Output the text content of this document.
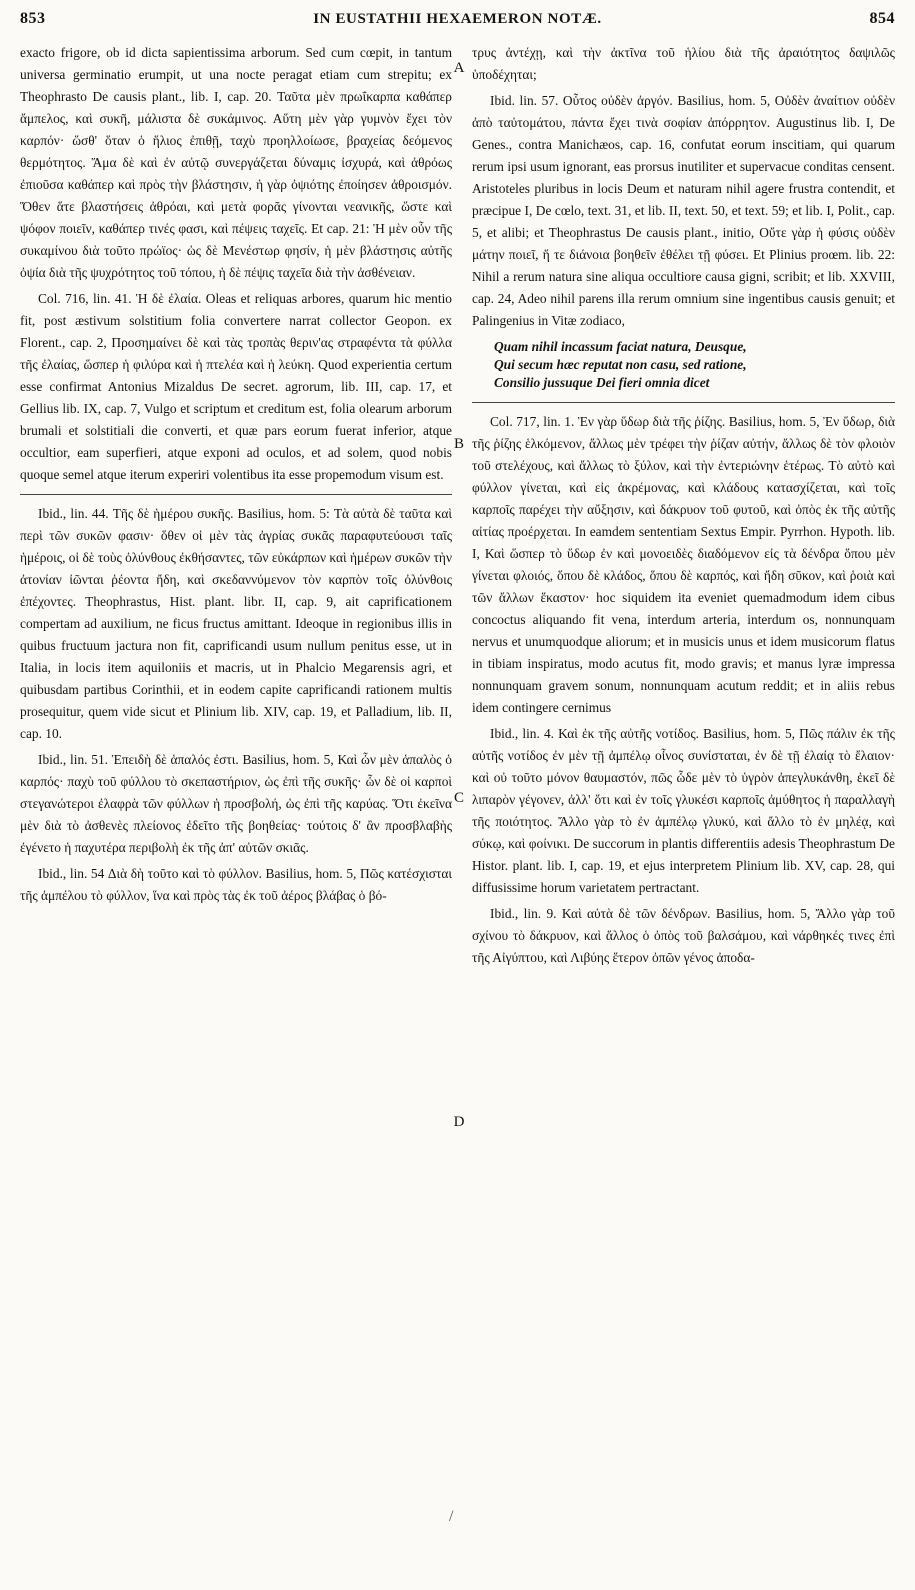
853	IN EUSTATHII HEXAEMERON NOTÆ.	854

exacto frigore, ob id dicta sapientissima arborum. Sed cum cœpit, in tantum universa germinatio erumpit, ut una nocte peragat etiam cum strepitu; ex Theophrasto De causis plant., lib. I, cap. 20. Ταῦτα μὲν πρωΐκαρπα καθάπερ ἄμπελος, καὶ συκῆ, μάλιστα δὲ συκάμινος. Αὕτη μὲν γὰρ γυμνὸν ἔχει τὸν καρπόν· ὥσθ' ὅταν ὁ ἥλιος ἐπιθῇ, ταχὺ προηλλοίωσε, βραχείας δεόμενος θερμότητος. Ἅμα δὲ καὶ ἐν αὐτῷ συνεργάζεται δύναμις ἰσχυρά, καὶ ἀθρόως ἐπιοῦσα καθάπερ καὶ πρὸς τὴν βλάστησιν, ἡ γὰρ ὀψιότης ἐποίησεν ἀθροισμόν. Ὅθεν ἅτε βλαστήσεις ἀθρόαι, καὶ μετὰ φορᾶς γίνονται νεανικῆς, ὥστε καὶ ψόφον ποιεῖν, καθάπερ τινές φασι, καὶ πέψεις ταχεῖς. Et cap. 21: Ἡ μὲν οὖν τῆς συκαμίνου διὰ τοῦτο πρώϊος· ὡς δὲ Μενέστωρ φησίν, ἡ μὲν βλάστησις αὐτῆς ὀψία διὰ τῆς ψυχρότητος τοῦ τόπου, ἡ δὲ πέψις ταχεῖα διὰ τὴν ἀσθένειαν.

Col. 716, lin. 41. Ἡ δὲ ἐλαία. Oleas et reliquas arbores, quarum hic mentio fit, post æstivum solstitium folia convertere narrat collector Geopon. ex Florent., cap. 2, Προσημαίνει δὲ καὶ τὰς τροπὰς θεριν'ας στραφέντα τὰ φύλλα τῆς ἐλαίας, ὥσπερ ἡ φιλύρα καὶ ἡ πτελέα καὶ ἡ λεύκη. Quod experientia certum esse confirmat Antonius Mizaldus De secret. agrorum, lib. III, cap. 17, et Gellius lib. IX, cap. 7, Vulgo et scriptum et creditum est, folia olearum arborum brumali et solstitiali die converti, et quæ pars eorum fuerat inferior, atque occultior, eam superfieri, atque exponi ad oculos, et ad solem, quod nobis quoque semel atque iterum experiri volentibus ita esse propemodum visum est.

Ibid., lin. 44. Τῆς δὲ ἡμέρου συκῆς. Basilius, hom. 5: Τὰ αὐτὰ δὲ ταῦτα καὶ περὶ τῶν συκῶν φασιν· ὅθεν οἱ μὲν τὰς ἀγρίας συκᾶς παραφυτεύουσι ταῖς ἡμέροις, οἱ δὲ τοὺς ὀλύνθους ἐκθήσαντες, τῶν εὐκάρπων καὶ ἡμέρων συκῶν τὴν ἀτονίαν ἰῶνται ῥέοντα ἤδη, καὶ σκεδαννύμενον τὸν καρπὸν τοῖς ὀλύνθοις ἐπέχοντες. Theophrastus, Hist. plant. libr. II, cap. 9, ait caprificationem compertam ad auxilium, ne ficus fructus amittant. Ideoque in regionibus illis in quibus fructuum jactura non fit, caprificandi usum nullum penitus esse, ut in Italia, in locis item aquiloniis et macris, ut in Phalcio Megarensis agri, et quibusdam partibus Corinthii, et in eodem capite caprificandi rationem multis prosequitur, quem vide sicut et Plinium lib. XIV, cap. 19, et Palladium, lib. II, cap. 10.

Ibid., lin. 51. Ἐπειδὴ δὲ ἁπαλός ἐστι. Basilius, hom. 5, Καὶ ὧν μὲν ἁπαλὸς ὁ καρπός· παχὺ τοῦ φύλλου τὸ σκεπαστήριον, ὡς ἐπὶ τῆς συκῆς· ὧν δὲ οἱ καρποὶ στεγανώτεροι ἐλαφρὰ τῶν φύλλων ἡ προσβολή, ὡς ἐπὶ τῆς καρύας. Ὅτι ἐκεῖνα μὲν διὰ τὸ ἀσθενὲς πλείονος ἐδεῖτο τῆς βοηθείας· τούτοις δ' ἂν προσβλαβὴς ἐγένετο ἡ παχυτέρα περιβολὴ ἐκ τῆς ἀπ' αὐτῶν σκιᾶς.

Ibid., lin. 54 Διὰ δὴ τοῦτο καὶ τὸ φύλλον. Basilius, hom. 5, Πῶς κατέσχισται τῆς ἀμπέλου τὸ φύλλον, ἵνα καὶ πρὸς τὰς ἐκ τοῦ ἀέρος βλάβας ὁ βό-

τρυς ἀντέχῃ, καὶ τὴν ἀκτῖνα τοῦ ἡλίου διὰ τῆς ἀραιότητος δαψιλῶς ὑποδέχηται;

Ibid. lin. 57. Οὗτος οὐδὲν ἀργόν. Basilius, hom. 5, Οὐδὲν ἀναίτιον οὐδὲν ἀπὸ ταὐτομάτου, πάντα ἔχει τινὰ σοφίαν ἀπόρρητον. Augustinus lib. I, De Genes., contra Manichæos, cap. 16, confutat eorum inscitiam, qui quarum rerum ipsi usum ignorant, eas prorsus inutiliter et supervacue conditas censent. Aristoteles pluribus in locis Deum et naturam nihil agere frustra contendit, et præcipue I, De cœlo, text. 31, et lib. II, text. 50, et text. 59; et lib. I, Polit., cap. 5, et alibi; et Theophrastus De causis plant., initio, Οὔτε γὰρ ἡ φύσις οὐδὲν μάτην ποιεῖ, ἥ τε διάνοια βοηθεῖν ἐθέλει τῇ φύσει. Et Plinius proœm. lib. 22: Nihil a rerum natura sine aliqua occultiore causa gigni, scribit; et lib. XXVIII, cap. 24, Adeo nihil parens illa rerum omnium sine ingentibus causis genuit; et Palingenius in Vitæ zodiaco,

Quam nihil incassum faciat natura, Deusque,
Qui secum hæc reputat non casu, sed ratione,
Consilio jussuque Dei fieri omnia dicet

Col. 717, lin. 1. Ἐν γὰρ ὕδωρ διὰ τῆς ῥίζης. Basilius, hom. 5, Ἐν ὕδωρ, διὰ τῆς ῥίζης ἑλκόμενον, ἄλλως μὲν τρέφει τὴν ῥίζαν αὐτήν, ἄλλως δὲ τὸν φλοιὸν τοῦ στελέχους, καὶ ἄλλως τὸ ξύλον, καὶ τὴν ἐντεριώνην ἑτέρως. Τὸ αὐτὸ καὶ φύλλον γίνεται, καὶ εἰς ἀκρέμονας, καὶ κλάδους κατασχίζεται, καὶ τοῖς καρποῖς παρέχει τὴν αὔξησιν, καὶ δάκρυον τοῦ φυτοῦ, καὶ ὀπὸς ἐκ τῆς αὐτῆς αἰτίας προέρχεται. In eamdem sententiam Sextus Empir. Pyrrhon. Hypoth. lib. I, Καὶ ὥσπερ τὸ ὕδωρ ἐν καὶ μονοειδὲς διαδόμενον εἰς τὰ δένδρα ὅπου μὲν γίνεται φλοιός, ὅπου δὲ κλάδος, ὅπου δὲ καρπός, καὶ ἤδη σῦκον, καὶ ῥοιὰ καὶ τῶν ἄλλων ἕκαστον· hoc siquidem ita eveniet quemadmodum idem cibus concoctus aliquando fit vena, interdum arteria, interdum os, nonnunquam nervus et unumquodque aliorum; et in musicis unus et idem musicorum flatus in tibiam inspiratus, modo acutus fit, modo gravis; et manus lyræ impressa nonnunquam gravem sonum, nonnunquam acutum reddit; et in aliis rebus idem contingere cernimus

Ibid., lin. 4. Καὶ ἐκ τῆς αὐτῆς νοτίδος. Basilius, hom. 5, Πῶς πάλιν ἐκ τῆς αὐτῆς νοτίδος ἐν μὲν τῇ ἀμπέλῳ οἶνος συνίσταται, ἐν δὲ τῇ ἐλαίᾳ τὸ ἔλαιον· καὶ οὐ τοῦτο μόνον θαυμαστόν, πῶς ὧδε μὲν τὸ ὑγρὸν ἀπεγλυκάνθη, ἐκεῖ δὲ λιπαρὸν γέγονεν, ἀλλ' ὅτι καὶ ἐν τοῖς γλυκέσι καρποῖς ἀμύθητος ἡ παραλλαγὴ τῆς ποιότητος. Ἄλλο γὰρ τὸ ἐν ἀμπέλῳ γλυκύ, καὶ ἄλλο τὸ ἐν μηλέᾳ, καὶ σύκῳ, καὶ φοίνικι. De succorum in plantis differentiis adesis Theophrastum De Histor. plant. lib. I, cap. 19, et ejus interpretem Plinium lib. XV, cap. 28, qui diffusissime horum varietatem pertractant.

Ibid., lin. 9. Καὶ αὐτὰ δὲ τῶν δένδρων. Basilius, hom. 5, Ἄλλο γὰρ τοῦ σχίνου τὸ δάκρυον, καὶ ἄλλος ὁ ὀπὸς τοῦ βαλσάμου, καὶ νάρθηκές τινες ἐπὶ τῆς Αἰγύπτου, καὶ Λιβύης ἕτερον ὀπῶν γένος ἀποδα-

A
B
C
D
/
